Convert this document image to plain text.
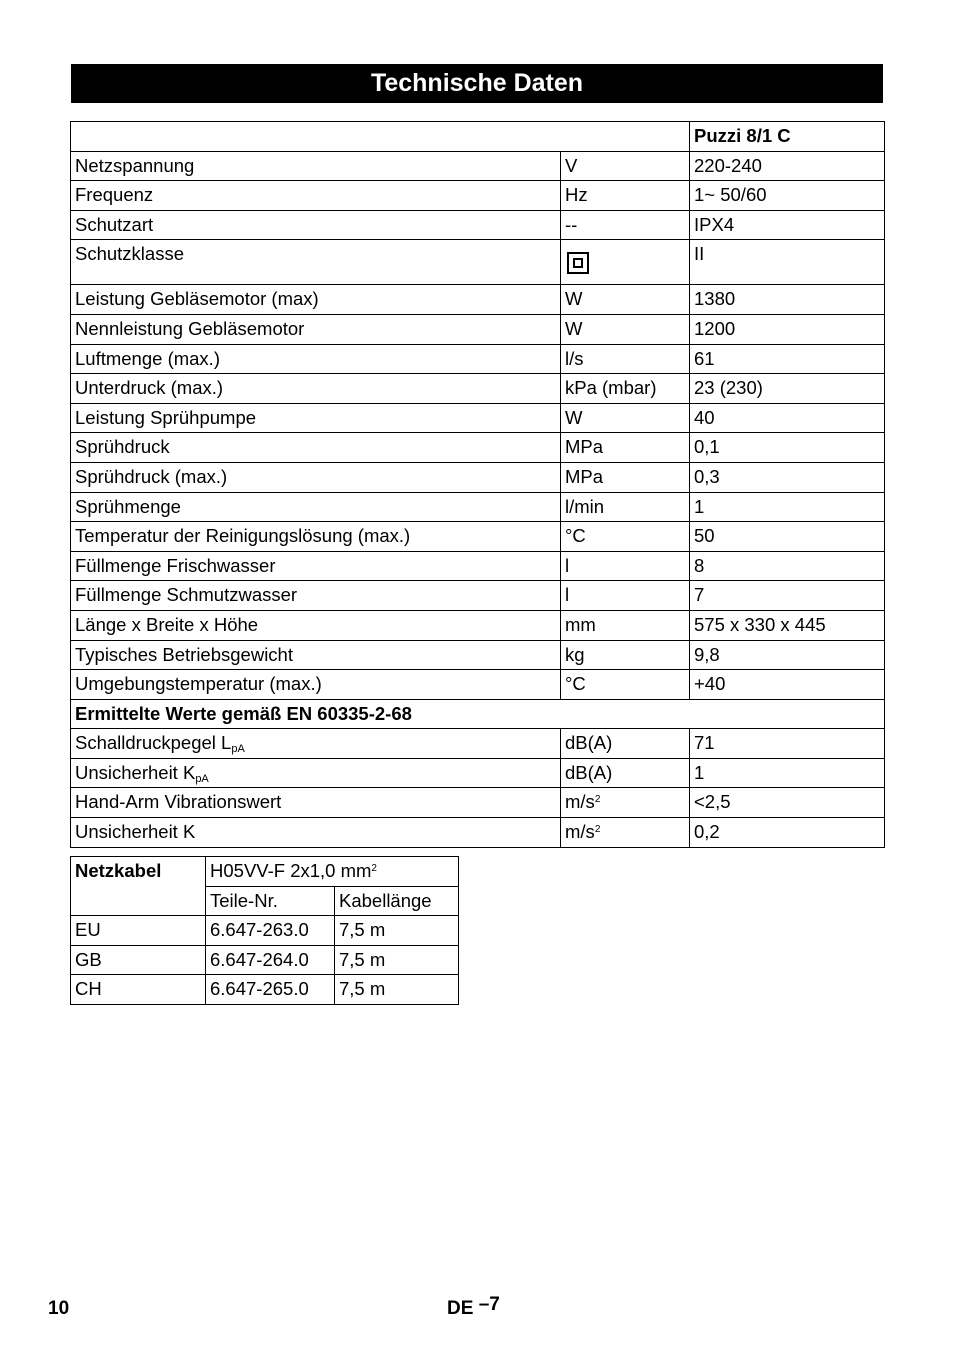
Technische Daten
		Puzzi 8/1 C
Netzspannung	V	220-240
Frequenz	Hz	1~ 50/60
Schutzart	--	IPX4
Schutzklasse		II
Leistung Gebläsemotor (max)	W	1380
Nennleistung Gebläsemotor	W	1200
Luftmenge (max.)	l/s	61
Unterdruck (max.)	kPa (mbar)	23 (230)
Leistung Sprühpumpe	W	40
Sprühdruck	MPa	0,1
Sprühdruck (max.)	MPa	0,3
Sprühmenge	l/min	1
Temperatur der Reinigungslösung (max.)	°C	50
Füllmenge Frischwasser	l	8
Füllmenge Schmutzwasser	l	7
Länge x Breite x Höhe	mm	575 x 330 x 445
Typisches Betriebsgewicht	kg	9,8
Umgebungstemperatur (max.)	°C	+40
Ermittelte Werte gemäß EN 60335-2-68		
Schalldruckpegel $L_{pA}$	dB(A)	71
Unsicherheit $K_{pA}$	dB(A)	1
Hand-Arm Vibrationswert	$m/s^2$	<2,5
Unsicherheit K	$m/s^2$	0,2
Netzkabel	H05VV-F 2x1,0 $mm^2$
	Teile-Nr.	Kabellänge
EU	6.647-263.0	7,5 m
GB	6.647-264.0	7,5 m
CH	6.647-265.0	7,5 m
10	DE –7
